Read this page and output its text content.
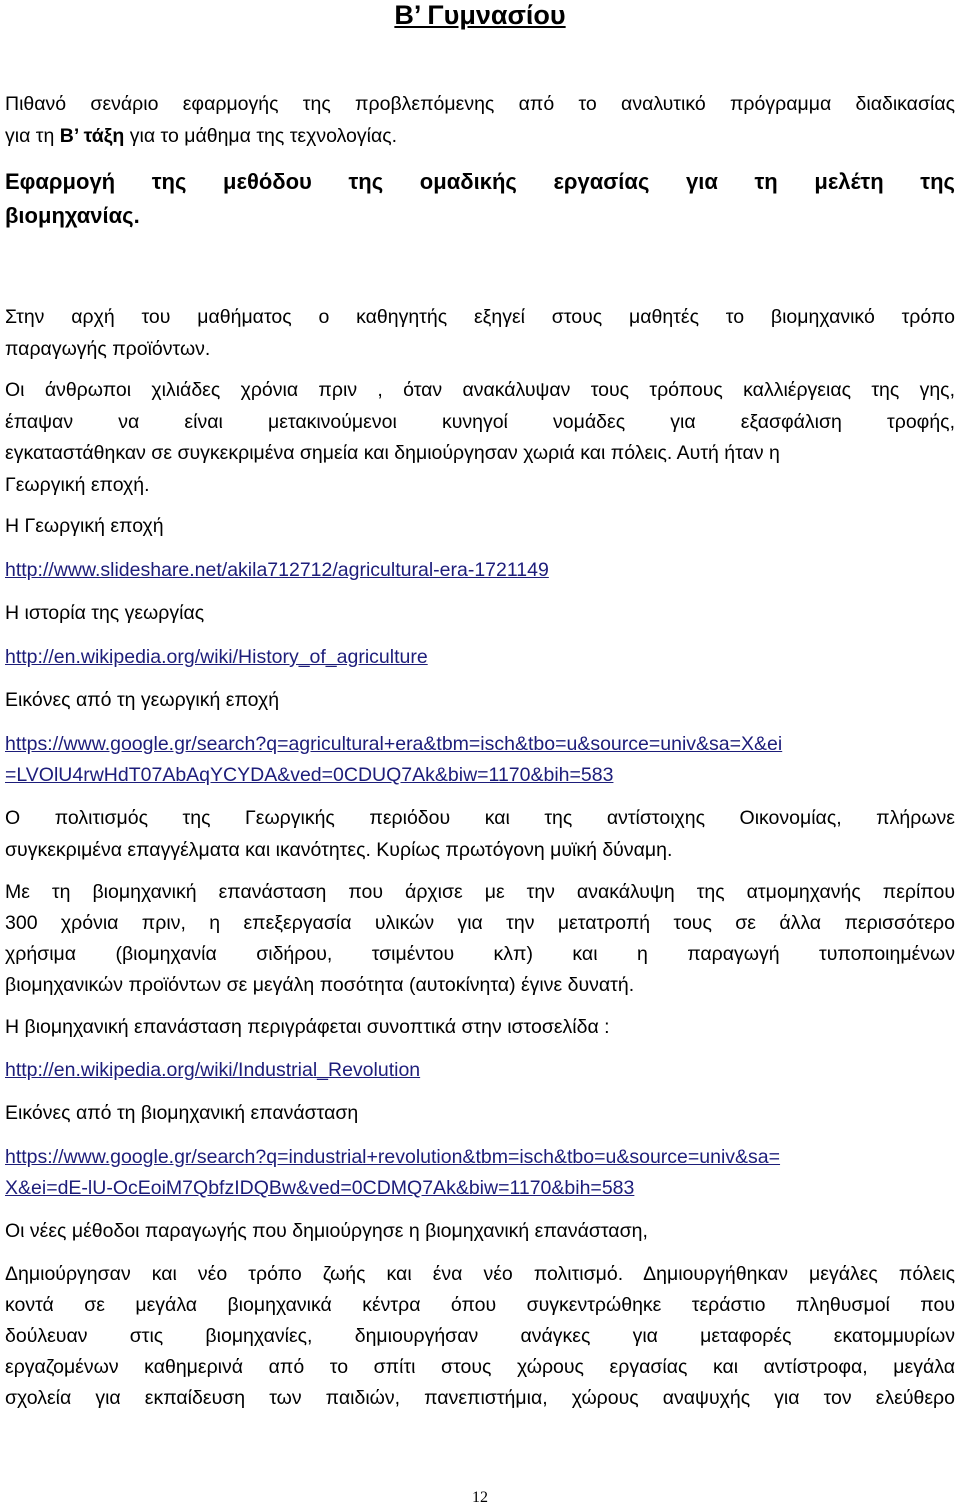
Β’ Γυμνασίου
Πιθανό σενάριο εφαρμογής της προβλεπόμενης από το αναλυτικό πρόγραμμα διαδικασίας
για τη Β’ τάξη για το μάθημα της τεχνολογίας.
Εφαρμογή της μεθόδου της ομαδικής εργασίας για τη μελέτη της
βιομηχανίας.
Στην αρχή του μαθήματος ο καθηγητής εξηγεί στους μαθητές το βιομηχανικό τρόπο
παραγωγής προϊόντων.
Οι άνθρωποι χιλιάδες χρόνια πριν , όταν ανακάλυψαν τους τρόπους καλλιέργειας της γης,
έπαψαν να είναι μετακινούμενοι κυνηγοί νομάδες για εξασφάλιση τροφής,
εγκαταστάθηκαν σε συγκεκριμένα σημεία και δημιούργησαν χωριά και πόλεις. Αυτή ήταν η
Γεωργική εποχή.
Η Γεωργική εποχή
http://www.slideshare.net/akila712712/agricultural-era-1721149
Η ιστορία της γεωργίας
http://en.wikipedia.org/wiki/History_of_agriculture
Εικόνες από τη γεωργική εποχή
https://www.google.gr/search?q=agricultural+era&tbm=isch&tbo=u&source=univ&sa=X&ei
=LVOlU4rwHdT07AbAqYCYDA&ved=0CDUQ7Ak&biw=1170&bih=583
Ο πολιτισμός της Γεωργικής περιόδου και της αντίστοιχης Οικονομίας, πλήρωνε
συγκεκριμένα επαγγέλματα και ικανότητες. Κυρίως πρωτόγονη μυϊκή δύναμη.
Με τη βιομηχανική επανάσταση που άρχισε με την ανακάλυψη της ατμομηχανής περίπου
300 χρόνια πριν, η επεξεργασία υλικών για την μετατροπή τους σε άλλα περισσότερο
χρήσιμα (βιομηχανία σιδήρου, τσιμέντου κλπ) και η παραγωγή τυποποιημένων
βιομηχανικών προϊόντων σε μεγάλη ποσότητα (αυτοκίνητα) έγινε δυνατή.
Η βιομηχανική επανάσταση περιγράφεται συνοπτικά στην ιστοσελίδα :
http://en.wikipedia.org/wiki/Industrial_Revolution
Εικόνες από τη βιομηχανική επανάσταση
https://www.google.gr/search?q=industrial+revolution&tbm=isch&tbo=u&source=univ&sa=
X&ei=dE-lU-OcEoiM7QbfzIDQBw&ved=0CDMQ7Ak&biw=1170&bih=583
Οι νέες μέθοδοι παραγωγής που δημιούργησε η βιομηχανική επανάσταση,
Δημιούργησαν και νέο τρόπο ζωής και ένα νέο πολιτισμό. Δημιουργήθηκαν μεγάλες πόλεις
κοντά σε μεγάλα βιομηχανικά κέντρα όπου συγκεντρώθηκε τεράστιο πληθυσμοί που
δούλευαν στις βιομηχανίες, δημιουργήσαν ανάγκες για μεταφορές εκατομμυρίων
εργαζομένων καθημερινά από το σπίτι στους χώρους εργασίας και αντίστροφα, μεγάλα
σχολεία για εκπαίδευση των παιδιών, πανεπιστήμια, χώρους αναψυχής για τον ελεύθερο
12
